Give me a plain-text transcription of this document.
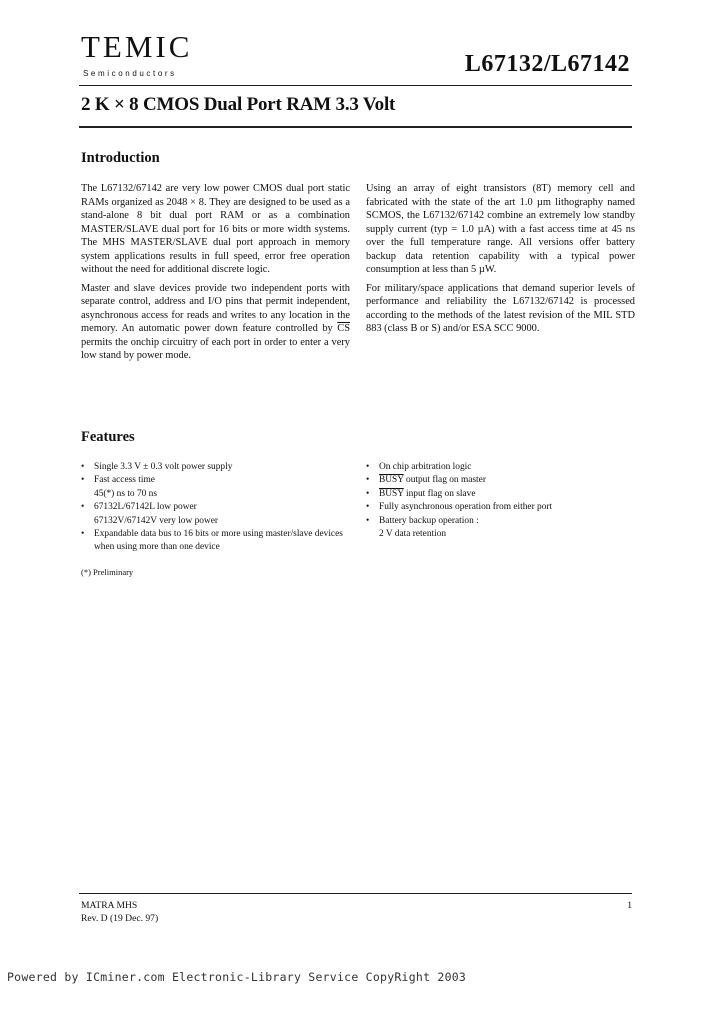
TEMIC
Semiconductors	L67132/L67142
2 K × 8 CMOS Dual Port RAM 3.3 Volt
Introduction

The L67132/67142 are very low power CMOS dual port static RAMs organized as 2048 × 8. They are designed to be used as a stand-alone 8 bit dual port RAM or as a combination MASTER/SLAVE dual port for 16 bits or more width systems. The MHS MASTER/SLAVE dual port approach in memory system applications results in full speed, error free operation without the need for additional discrete logic.

Master and slave devices provide two independent ports with separate control, address and I/O pins that permit independent, asynchronous access for reads and writes to any location in the memory. An automatic power down feature controlled by $\overline{CS}$ permits the onchip circuitry of each port in order to enter a very low stand by power mode.

Using an array of eight transistors (8T) memory cell and fabricated with the state of the art 1.0 µm lithography named SCMOS, the L67132/67142 combine an extremely low standby supply current (typ = 1.0 µA) with a fast access time at 45 ns over the full temperature range. All versions offer battery backup data retention capability with a typical power consumption at less than 5 µW.

For military/space applications that demand superior levels of performance and reliability the L67132/67142 is processed according to the methods of the latest revision of the MIL STD 883 (class B or S) and/or ESA SCC 9000.

Features
• Single 3.3 V ± 0.3 volt power supply
• Fast access time
45(*) ns to 70 ns
• 67132L/67142L low power
67132V/67142V very low power
• Expandable data bus to 16 bits or more using master/slave devices when using more than one device
• On chip arbitration logic
• BUSY output flag on master
• BUSY input flag on slave
• Fully asynchronous operation from either port
• Battery backup operation :
2 V data retention
(*) Preliminary
MATRA MHS
Rev. D (19 Dec. 97)
1
Powered by ICminer.com Electronic-Library Service CopyRight 2003
